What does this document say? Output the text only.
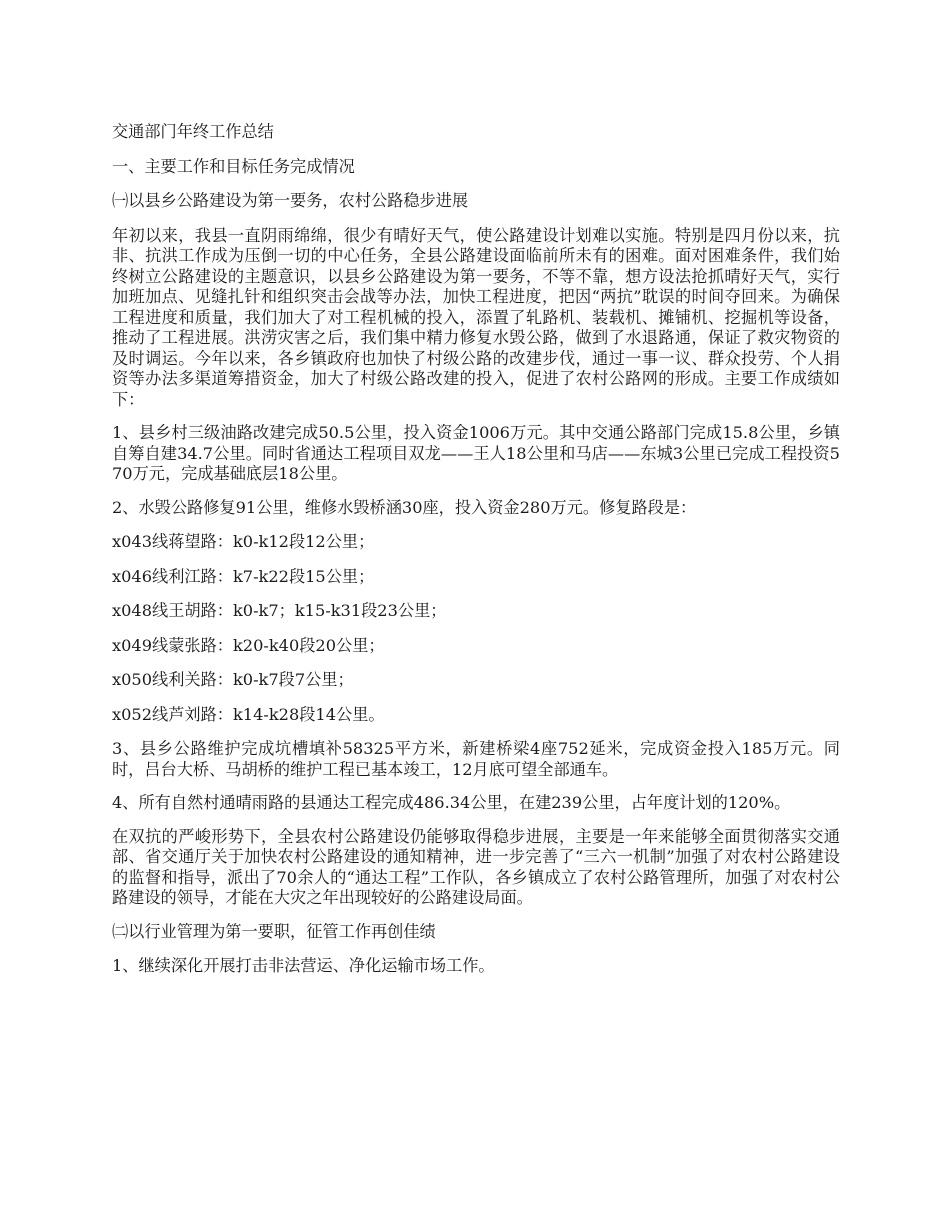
交通部门年终工作总结

一、主要工作和目标任务完成情况

㈠以县乡公路建设为第一要务，农村公路稳步进展

年初以来，我县一直阴雨绵绵，很少有晴好天气，使公路建设计划难以实施。特别是四月份以来，抗非、抗洪工作成为压倒一切的中心任务，全县公路建设面临前所未有的困难。面对困难条件，我们始终树立公路建设的主题意识，以县乡公路建设为第一要务，不等不靠，想方设法抢抓晴好天气，实行加班加点、见缝扎针和组织突击会战等办法，加快工程进度，把因“两抗”耽误的时间夺回来。为确保工程进度和质量，我们加大了对工程机械的投入，添置了轧路机、装载机、摊铺机、挖掘机等设备，推动了工程进展。洪涝灾害之后，我们集中精力修复水毁公路，做到了水退路通，保证了救灾物资的及时调运。今年以来，各乡镇政府也加快了村级公路的改建步伐，通过一事一议、群众投劳、个人捐资等办法多渠道筹措资金，加大了村级公路改建的投入，促进了农村公路网的形成。主要工作成绩如下：

1、县乡村三级油路改建完成50.5公里，投入资金1006万元。其中交通公路部门完成15.8公里，乡镇自筹自建34.7公里。同时省通达工程项目双龙——王人18公里和马店——东城3公里已完成工程投资570万元，完成基础底层18公里。

2、水毁公路修复91公里，维修水毁桥涵30座，投入资金280万元。修复路段是：

x043线蒋望路：k0-k12段12公里；

x046线利江路：k7-k22段15公里；

x048线王胡路：k0-k7；k15-k31段23公里；

x049线蒙张路：k20-k40段20公里；

x050线利关路：k0-k7段7公里；

x052线芦刘路：k14-k28段14公里。

3、县乡公路维护完成坑槽填补58325平方米，新建桥梁4座752延米，完成资金投入185万元。同时，吕台大桥、马胡桥的维护工程已基本竣工，12月底可望全部通车。

4、所有自然村通晴雨路的县通达工程完成486.34公里，在建239公里，占年度计划的120%。

在双抗的严峻形势下，全县农村公路建设仍能够取得稳步进展，主要是一年来能够全面贯彻落实交通部、省交通厅关于加快农村公路建设的通知精神，进一步完善了“三六一机制”加强了对农村公路建设的监督和指导，派出了70余人的“通达工程”工作队，各乡镇成立了农村公路管理所，加强了对农村公路建设的领导，才能在大灾之年出现较好的公路建设局面。

㈡以行业管理为第一要职，征管工作再创佳绩

1、继续深化开展打击非法营运、净化运输市场工作。
